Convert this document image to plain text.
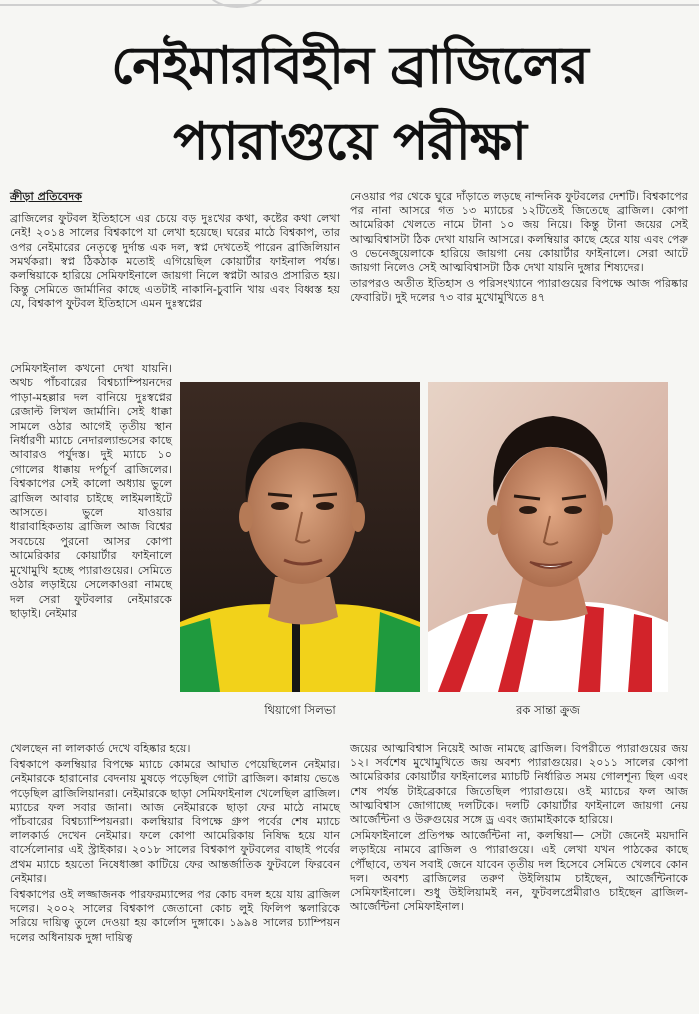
নেইমারবিহীন ব্রাজিলের
প্যারাগুয়ে পরীক্ষা

ক্রীড়া প্রতিবেদক

ব্রাজিলের ফুটবল ইতিহাসে এর চেয়ে বড় দুঃখের কথা, কষ্টের কথা লেখা নেই! ২০১৪ সালের বিশ্বকাপে যা লেখা হয়েছে। ঘরের মাঠে বিশ্বকাপ, তার ওপর নেইমারের নেতৃত্বে দুর্দান্ত এক দল, স্বপ্ন দেখতেই পারেন ব্রাজিলিয়ান সমর্থকরা। স্বপ্ন ঠিকঠাক মতোই এগিয়েছিল কোয়ার্টার ফাইনাল পর্যন্ত। কলম্বিয়াকে হারিয়ে সেমিফাইনালে জায়গা নিলে স্বপ্নটা আরও প্রসারিত হয়। কিন্তু সেমিতে জার্মানির কাছে এতটাই নাকানি-চুবানি খায় এবং বিধ্বস্ত হয় যে, বিশ্বকাপ ফুটবল ইতিহাসে এমন দুঃস্বপ্নের

সেমিফাইনাল কখনো দেখা যায়নি। অথচ পাঁচবারের বিশ্বচ্যাম্পিয়নদের পাড়া-মহল্লার দল বানিয়ে দুঃস্বপ্নের রেজাল্ট লিখল জার্মানি। সেই ধাক্কা সামলে ওঠার আগেই তৃতীয় স্থান নির্ধারণী ম্যাচে নেদারল্যান্ডসের কাছে আবারও পর্যুদস্ত। দুই ম্যাচে ১০ গোলের ধাক্কায় দর্পচূর্ণ ব্রাজিলের। বিশ্বকাপের সেই কালো অধ্যায় ভুলে ব্রাজিল আবার চাইছে লাইমলাইটে আসতে। ভুলে যাওয়ার ধারাবাহিকতায় ব্রাজিল আজ বিশ্বের সবচেয়ে পুরনো আসর কোপা আমেরিকার কোয়ার্টার ফাইনালে মুখোমুখি হচ্ছে প্যারাগুয়ের। সেমিতে ওঠার লড়াইয়ে সেলেকাওরা নামছে দল সেরা ফুটবলার নেইমারকে ছাড়াই। নেইমার

খেলছেন না লালকার্ড দেখে বহিষ্কার হয়ে।

বিশ্বকাপে কলম্বিয়ার বিপক্ষে ম্যাচে কোমরে আঘাত পেয়েছিলেন নেইমার। নেইমারকে হারানোর বেদনায় মুষড়ে পড়েছিল গোটা ব্রাজিল। কান্নায় ভেঙে পড়েছিল ব্রাজিলিয়ানরা। নেইমারকে ছাড়া সেমিফাইনাল খেলেছিল ব্রাজিল। ম্যাচের ফল সবার জানা। আজ নেইমারকে ছাড়া ফের মাঠে নামছে পাঁচবারের বিশ্বচ্যাম্পিয়নরা। কলম্বিয়ার বিপক্ষে গ্রুপ পর্বের শেষ ম্যাচে লালকার্ড দেখেন নেইমার। ফলে কোপা আমেরিকায় নিষিদ্ধ হয়ে যান বার্সেলোনার এই স্ট্রাইকার। ২০১৮ সালের বিশ্বকাপ ফুটবলের বাছাই পর্বের প্রথম ম্যাচে হয়তো নিষেধাজ্ঞা কাটিয়ে ফের আন্তর্জাতিক ফুটবলে ফিরবেন নেইমার।

বিশ্বকাপের ওই লজ্জাজনক পারফরম্যান্সের পর কোচ বদল হয়ে যায় ব্রাজিল দলের। ২০০২ সালের বিশ্বকাপ জেতানো কোচ লুই ফিলিপ স্কলারিকে সরিয়ে দায়িত্ব তুলে দেওয়া হয় কার্লোস দুঙ্গাকে। ১৯৯৪ সালের চ্যাম্পিয়ন দলের অধিনায়ক দুঙ্গা দায়িত্ব

নেওয়ার পর থেকে ঘুরে দাঁড়াতে লড়ছে নান্দনিক ফুটবলের দেশটি। বিশ্বকাপের পর নানা আসরে গত ১৩ ম্যাচের ১২টিতেই জিতেছে ব্রাজিল। কোপা আমেরিকা খেলতে নামে টানা ১০ জয় নিয়ে। কিন্তু টানা জয়ের সেই আত্মবিশ্বাসটা ঠিক দেখা যায়নি আসরে। কলম্বিয়ার কাছে হেরে যায় এবং পেরু ও ভেনেজুয়েলাকে হারিয়ে জায়গা নেয় কোয়ার্টার ফাইনালে। সেরা আটে জায়গা নিলেও সেই আত্মবিশ্বাসটা ঠিক দেখা যায়নি দুঙ্গার শিষ্যদের।

তারপরও অতীত ইতিহাস ও পরিসংখ্যানে প্যারাগুয়ের বিপক্ষে আজ পরিষ্কার ফেবারিট। দুই দলের ৭৩ বার মুখোমুখিতে ৪৭

জয়ের আত্মবিশ্বাস নিয়েই আজ নামছে ব্রাজিল। বিপরীতে প্যারাগুয়ের জয় ১২। সর্বশেষ মুখোমুখিতে জয় অবশ্য প্যারাগুয়ের। ২০১১ সালের কোপা আমেরিকার কোয়ার্টার ফাইনালের ম্যাচটি নির্ধারিত সময় গোলশূন্য ছিল এবং শেষ পর্যন্ত টাইব্রেকারে জিতেছিল প্যারাগুয়ে। ওই ম্যাচের ফল আজ আত্মবিশ্বাস জোগাচ্ছে দলটিকে। দলটি কোয়ার্টার ফাইনালে জায়গা নেয় আর্জেন্টিনা ও উরুগুয়ের সঙ্গে ড্র এবং জ্যামাইকাকে হারিয়ে।

সেমিফাইনালে প্রতিপক্ষ আর্জেন্টিনা না, কলম্বিয়া— সেটা জেনেই ময়দানি লড়াইয়ে নামবে ব্রাজিল ও প্যারাগুয়ে। এই লেখা যখন পাঠকের কাছে পৌঁছাবে, তখন সবাই জেনে যাবেন তৃতীয় দল হিসেবে সেমিতে খেলবে কোন দল। অবশ্য ব্রাজিলের তরুণ উইলিয়াম চাইছেন, আর্জেন্টিনাকে সেমিফাইনালে। শুধু উইলিয়ামই নন, ফুটবলপ্রেমীরাও চাইছেন ব্রাজিল-আর্জেন্টিনা সেমিফাইনাল।

থিয়াগো সিলভা	রক সান্তা ক্রুজ
